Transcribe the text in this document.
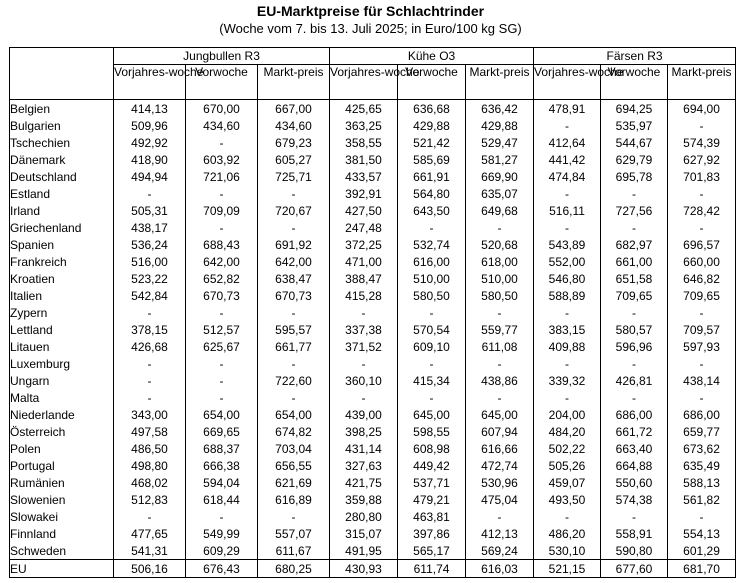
EU-Marktpreise für Schlachtrinder
(Woche vom 7. bis 13. Juli 2025; in Euro/100 kg SG)
	Jungbullen R3			Kühe O3			Färsen R3		
	Vorjahres-woche	Vorwoche	Markt-preis	Vorjahres-woche	Vorwoche	Markt-preis	Vorjahres-woche	Vorwoche	Markt-preis
Belgien	414,13	670,00	667,00	425,65	636,68	636,42	478,91	694,25	694,00
Bulgarien	509,96	434,60	434,60	363,25	429,88	429,88	-	535,97	-
Tschechien	492,92	-	679,23	358,55	521,42	529,47	412,64	544,67	574,39
Dänemark	418,90	603,92	605,27	381,50	585,69	581,27	441,42	629,79	627,92
Deutschland	494,94	721,06	725,71	433,57	661,91	669,90	474,84	695,78	701,83
Estland	-	-	-	392,91	564,80	635,07	-	-	-
Irland	505,31	709,09	720,67	427,50	643,50	649,68	516,11	727,56	728,42
Griechenland	438,17	-	-	247,48	-	-	-	-	-
Spanien	536,24	688,43	691,92	372,25	532,74	520,68	543,89	682,97	696,57
Frankreich	516,00	642,00	642,00	471,00	616,00	618,00	552,00	661,00	660,00
Kroatien	523,22	652,82	638,47	388,47	510,00	510,00	546,80	651,58	646,82
Italien	542,84	670,73	670,73	415,28	580,50	580,50	588,89	709,65	709,65
Zypern	-	-	-	-	-	-	-	-	-
Lettland	378,15	512,57	595,57	337,38	570,54	559,77	383,15	580,57	709,57
Litauen	426,68	625,67	661,77	371,52	609,10	611,08	409,88	596,96	597,93
Luxemburg	-	-	-	-	-	-	-	-	-
Ungarn	-	-	722,60	360,10	415,34	438,86	339,32	426,81	438,14
Malta	-	-	-	-	-	-	-	-	-
Niederlande	343,00	654,00	654,00	439,00	645,00	645,00	204,00	686,00	686,00
Österreich	497,58	669,65	674,82	398,25	598,55	607,94	484,20	661,72	659,77
Polen	486,50	688,37	703,04	431,14	608,98	616,66	502,22	663,40	673,62
Portugal	498,80	666,38	656,55	327,63	449,42	472,74	505,26	664,88	635,49
Rumänien	468,02	594,04	621,69	421,75	537,71	530,96	459,07	550,60	588,13
Slowenien	512,83	618,44	616,89	359,88	479,21	475,04	493,50	574,38	561,82
Slowakei	-	-	-	280,80	463,81	-	-	-	-
Finnland	477,65	549,99	557,07	315,07	397,86	412,13	486,20	558,91	554,13
Schweden	541,31	609,29	611,67	491,95	565,17	569,24	530,10	590,80	601,29
EU	506,16	676,43	680,25	430,93	611,74	616,03	521,15	677,60	681,70
